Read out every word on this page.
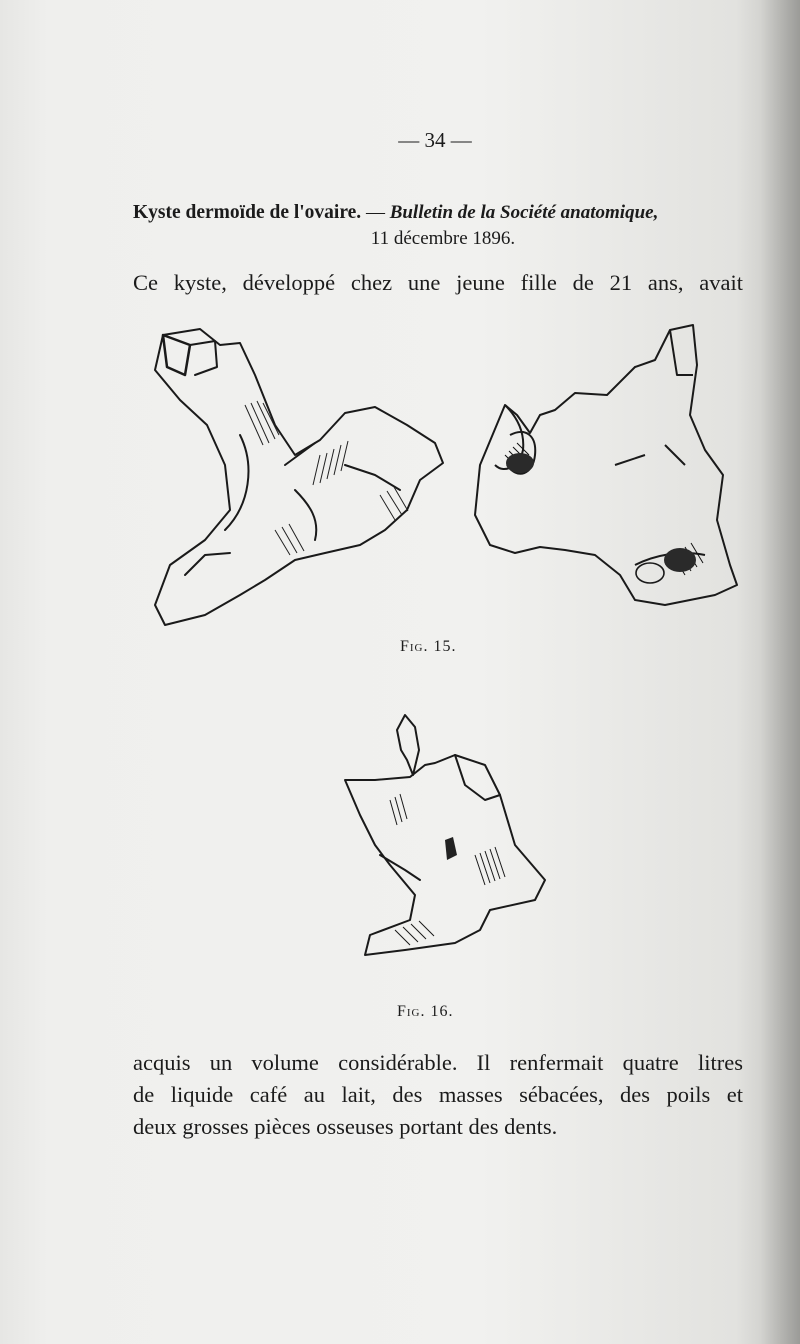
— 34 —
Kyste dermoïde de l'ovaire. — Bulletin de la Société anatomique,
11 décembre 1896.
Ce kyste, développé chez une jeune fille de 21 ans, avait
Fig. 15.
Fig. 16.
acquis un volume considérable. Il renfermait quatre litres
de liquide café au lait, des masses sébacées, des poils et
deux grosses pièces osseuses portant des dents.
